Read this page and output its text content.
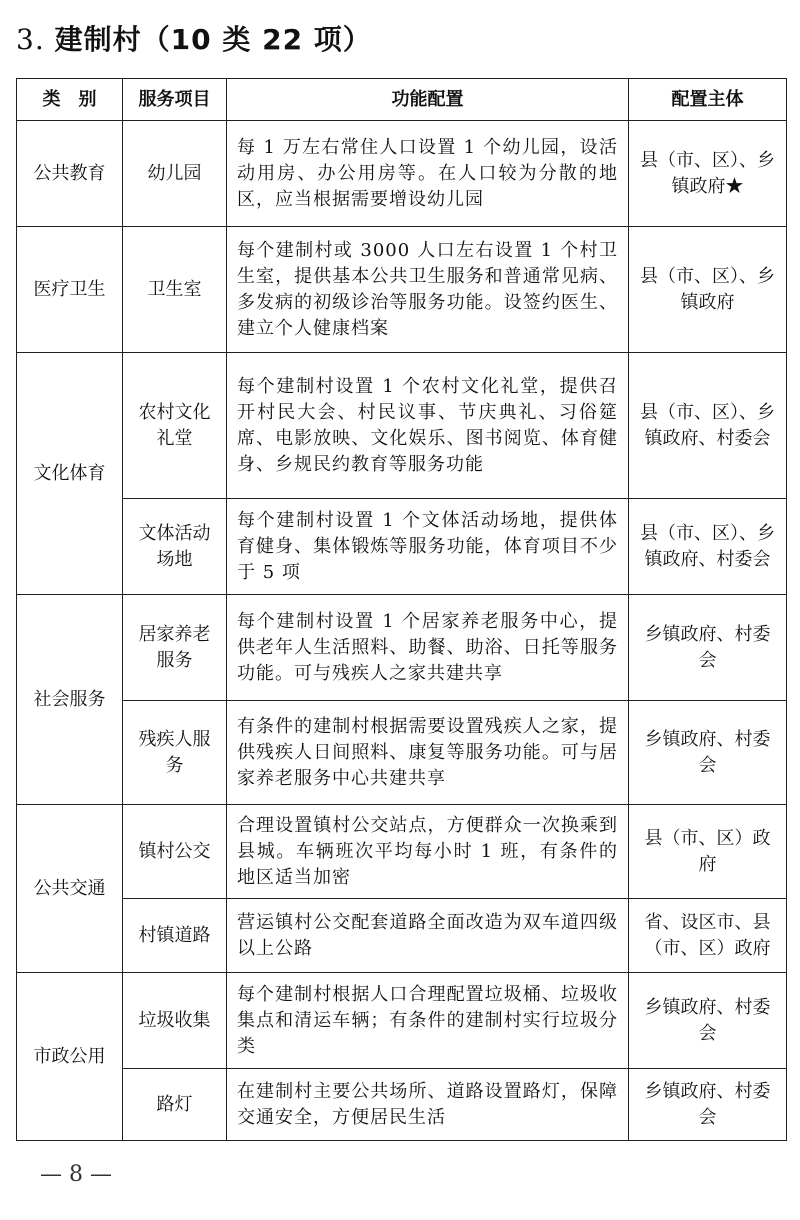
3. 建制村（10 类 22 项）
类　别	服务项目	功能配置	配置主体
公共教育	幼儿园	每 1 万左右常住人口设置 1 个幼儿园，设活动用房、办公用房等。在人口较为分散的地区，应当根据需要增设幼儿园	县（市、区）、乡镇政府★
医疗卫生	卫生室	每个建制村或 3000 人口左右设置 1 个村卫生室，提供基本公共卫生服务和普通常见病、多发病的初级诊治等服务功能。设签约医生、建立个人健康档案	县（市、区）、乡镇政府
文化体育	农村文化礼堂	每个建制村设置 1 个农村文化礼堂，提供召开村民大会、村民议事、节庆典礼、习俗筵席、电影放映、文化娱乐、图书阅览、体育健身、乡规民约教育等服务功能	县（市、区）、乡镇政府、村委会
	文体活动场地	每个建制村设置 1 个文体活动场地，提供体育健身、集体锻炼等服务功能，体育项目不少于 5 项	县（市、区）、乡镇政府、村委会
社会服务	居家养老服务	每个建制村设置 1 个居家养老服务中心，提供老年人生活照料、助餐、助浴、日托等服务功能。可与残疾人之家共建共享	乡镇政府、村委会
	残疾人服务	有条件的建制村根据需要设置残疾人之家，提供残疾人日间照料、康复等服务功能。可与居家养老服务中心共建共享	乡镇政府、村委会
公共交通	镇村公交	合理设置镇村公交站点，方便群众一次换乘到县城。车辆班次平均每小时 1 班，有条件的地区适当加密	县（市、区）政府
	村镇道路	营运镇村公交配套道路全面改造为双车道四级以上公路	省、设区市、县（市、区）政府
市政公用	垃圾收集	每个建制村根据人口合理配置垃圾桶、垃圾收集点和清运车辆；有条件的建制村实行垃圾分类	乡镇政府、村委会
	路灯	在建制村主要公共场所、道路设置路灯，保障交通安全，方便居民生活	乡镇政府、村委会
— 8 —
